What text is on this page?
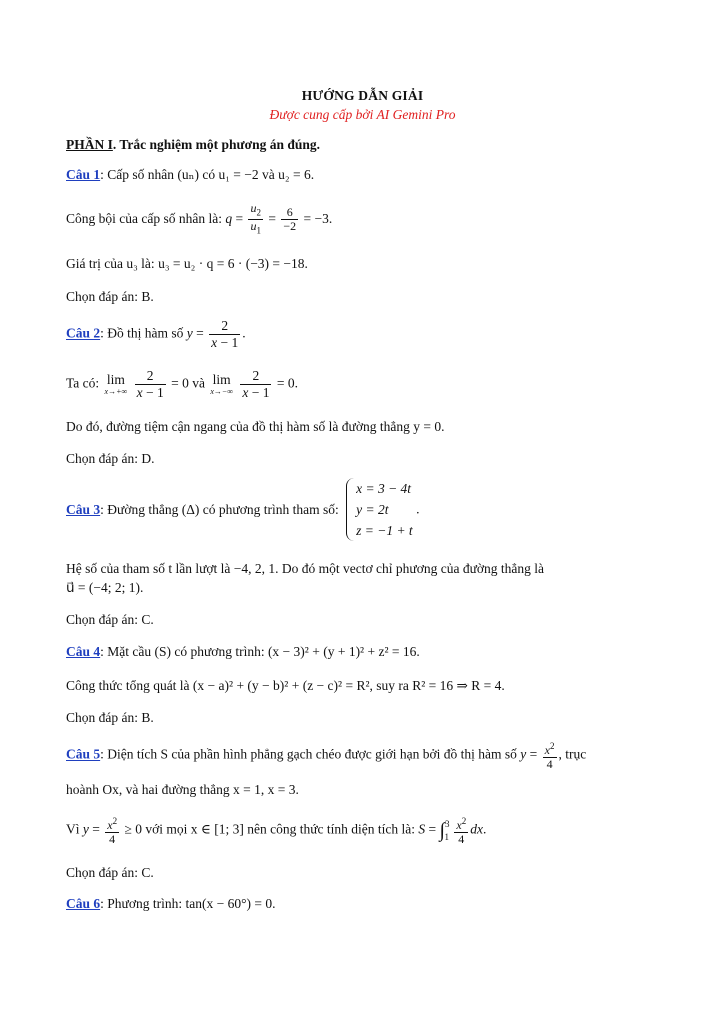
HƯỚNG DẪN GIẢI
Được cung cấp bởi AI Gemini Pro
PHẦN I. Trắc nghiệm một phương án đúng.
Câu 1: Cấp số nhân (uₙ) có u₁ = −2 và u₂ = 6.
Công bội của cấp số nhân là: $q = \frac{u_2}{u_1} = \frac{6}{-2} = -3$.
Giá trị của u₃ là: u₃ = u₂ · q = 6 · (−3) = −18.
Chọn đáp án: B.
Câu 2: Đồ thị hàm số $y = \frac{2}{x - 1}$ .
Ta có: lim
x→+∞
$\frac{2}{x - 1} = 0$ và lim
x→−∞
$\frac{2}{x - 1} = 0$.
Do đó, đường tiệm cận ngang của đồ thị hàm số là đường thẳng y = 0.
Chọn đáp án: D.
Câu 3: Đường thẳng (Δ) có phương trình tham số:
x = 3 − 4t
y = 2t
z = −1 + t
.
Hệ số của tham số t lần lượt là −4, 2, 1. Do đó một vectơ chỉ phương của đường thẳng là
u⃗ = (−4; 2; 1).
Chọn đáp án: C.
Câu 4: Mặt cầu (S) có phương trình: (x − 3)² + (y + 1)² + z² = 16.
Công thức tổng quát là (x − a)² + (y − b)² + (z − c)² = R², suy ra R² = 16 ⇒ R = 4.
Chọn đáp án: B.
Câu 5: Diện tích S của phần hình phẳng gạch chéo được giới hạn bởi đồ thị hàm số $y = \frac{x^2}{4}$ , trục
hoành Ox, và hai đường thẳng x = 1, x = 3.
Vì $y = \frac{x^2}{4} \ge 0$ với mọi x ∈ [1; 3] nên công thức tính diện tích là: $S = \int^31 \frac{x^2}{4}$ dx.
Chọn đáp án: C.
Câu 6: Phương trình: tan(x − 60°) = 0.
